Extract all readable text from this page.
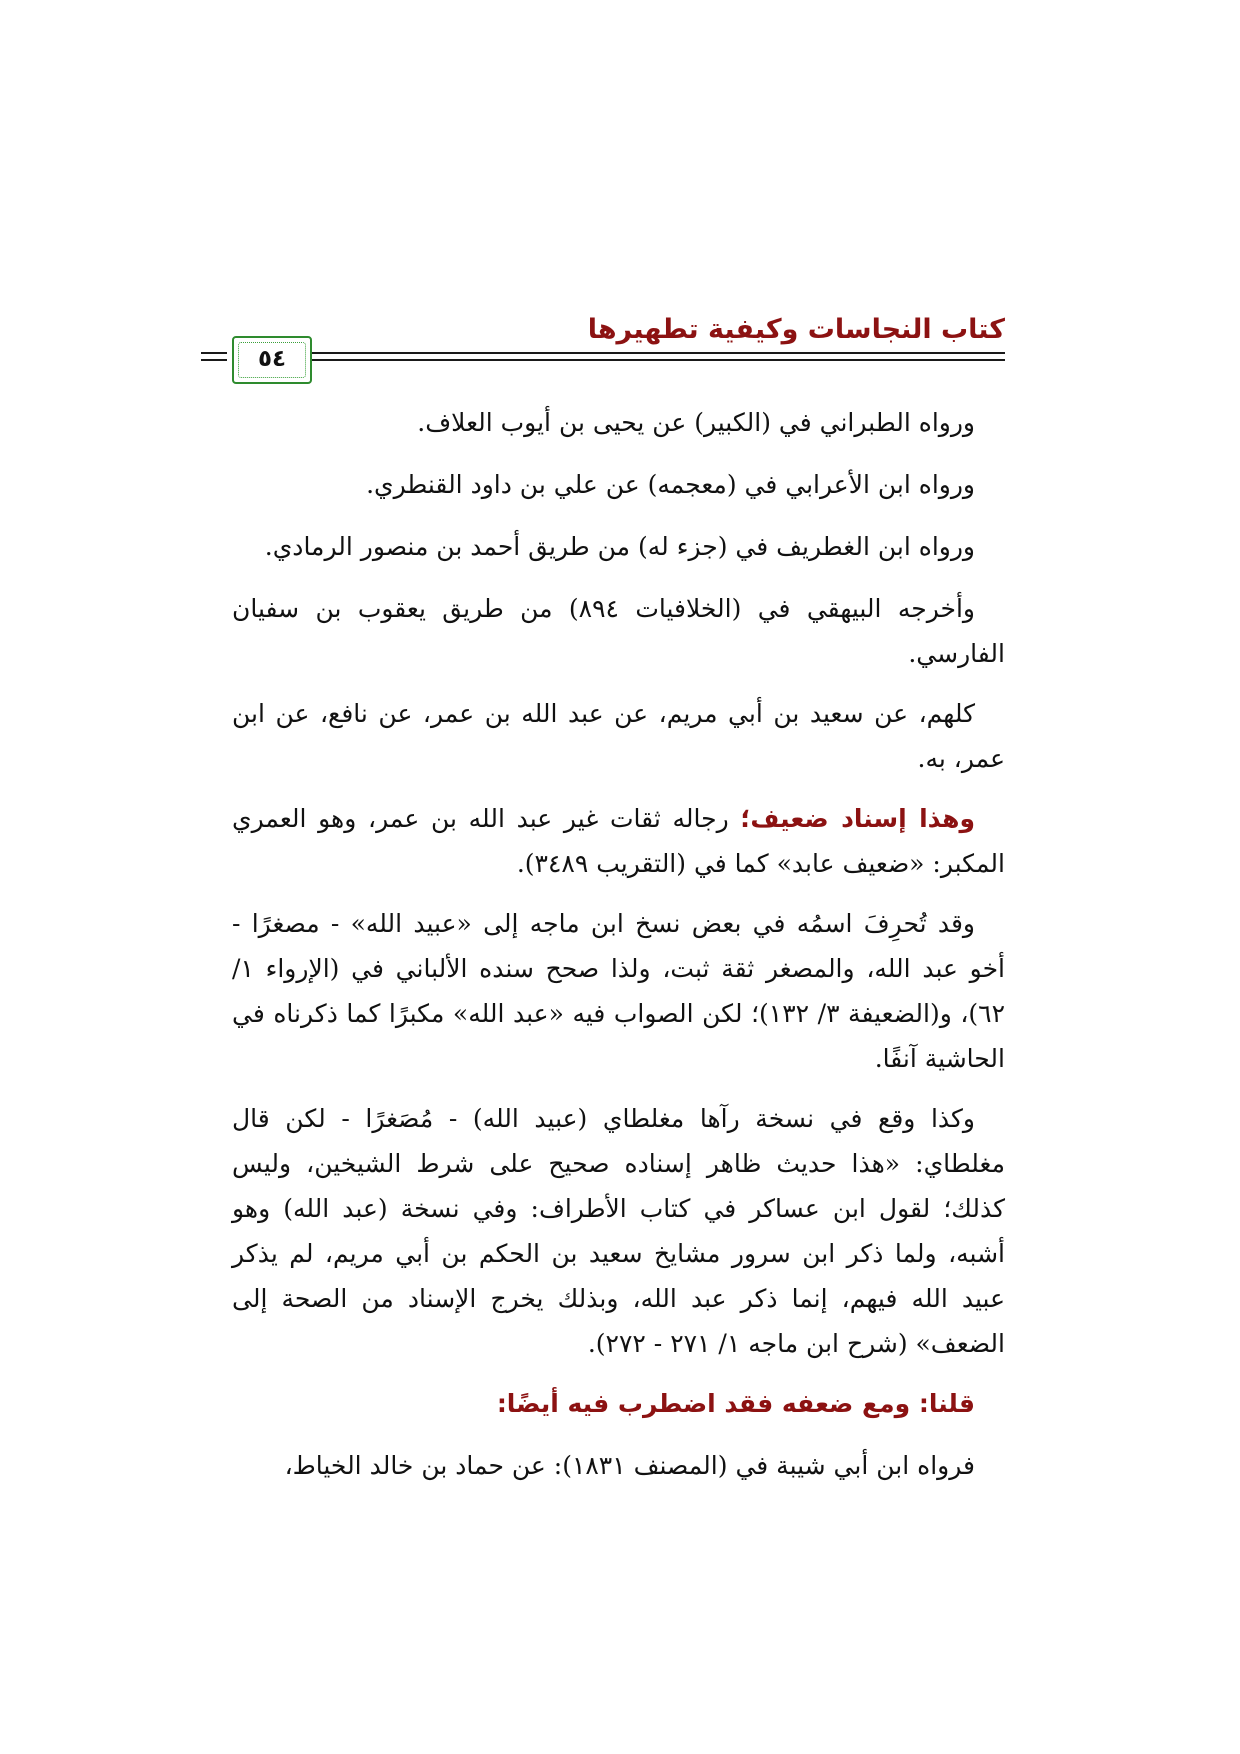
كتاب النجاسات وكيفية تطهيرها
٥٤

ورواه الطبراني في (الكبير) عن يحيى بن أيوب العلاف.

ورواه ابن الأعرابي في (معجمه) عن علي بن داود القنطري.

ورواه ابن الغطريف في (جزء له) من طريق أحمد بن منصور الرمادي.

وأخرجه البيهقي في (الخلافيات ٨٩٤) من طريق يعقوب بن سفيان الفارسي.

كلهم، عن سعيد بن أبي مريم، عن عبد الله بن عمر، عن نافع، عن ابن عمر، به.

وهذا إسناد ضعيف؛ رجاله ثقات غير عبد الله بن عمر، وهو العمري المكبر: «ضعيف عابد» كما في (التقريب ٣٤٨٩).

وقد تُحرِفَ اسمُه في بعض نسخ ابن ماجه إلى «عبيد الله» - مصغرًا - أخو عبد الله، والمصغر ثقة ثبت، ولذا صحح سنده الألباني في (الإرواء ١/ ٦٢)، و(الضعيفة ٣/ ١٣٢)؛ لكن الصواب فيه «عبد الله» مكبرًا كما ذكرناه في الحاشية آنفًا.

وكذا وقع في نسخة رآها مغلطاي (عبيد الله) - مُصَغرًا - لكن قال مغلطاي: «هذا حديث ظاهر إسناده صحيح على شرط الشيخين، وليس كذلك؛ لقول ابن عساكر في كتاب الأطراف: وفي نسخة (عبد الله) وهو أشبه، ولما ذكر ابن سرور مشايخ سعيد بن الحكم بن أبي مريم، لم يذكر عبيد الله فيهم، إنما ذكر عبد الله، وبذلك يخرج الإسناد من الصحة إلى الضعف» (شرح ابن ماجه ١/ ٢٧١ - ٢٧٢).

قلنا: ومع ضعفه فقد اضطرب فيه أيضًا:

فرواه ابن أبي شيبة في (المصنف ١٨٣١): عن حماد بن خالد الخياط،
